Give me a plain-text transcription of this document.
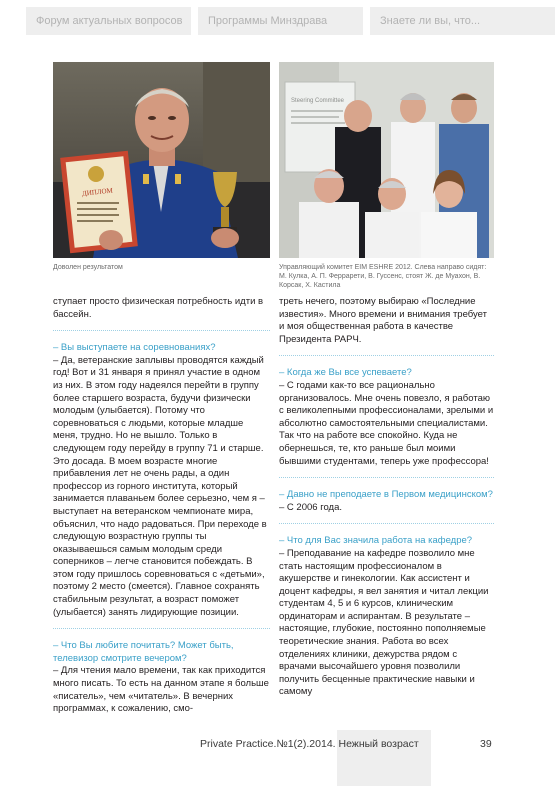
Форум актуальных вопросов	Программы Минздрава	Знаете ли вы, что...
ДИПЛОМ
Доволен результатом
Steering Committee
Управляющий комитет EIM ESHRE 2012. Слева направо сидят: М. Кулка, А. П. Феррарети, В. Гуссенс, стоят Ж. де Муахон, В. Корсак, Х. Кастила

ступает просто физическая потребность идти в бассейн.

– Вы выступаете на соревнованиях?

– Да, ветеранские заплывы проводятся каждый год! Вот и 31 января я принял участие в одном из них. В этом году надеялся перейти в группу более старшего возраста, будучи физически молодым (улыбается). Потому что соревноваться с людьми, которые младше меня, трудно. Но не вышло. Только в следующем году перейду в группу 71 и старше. Это досада. В моем возрасте многие прибавления лет не очень рады, а один профессор из горного института, который занимается плаваньем более серьезно, чем я – выступает на ветеранском чемпионате мира, объяснил, что надо радоваться. При переходе в следующую возрастную группы ты оказываешься самым молодым среди соперников – легче становится побеждать. В этом году пришлось соревноваться с «детьми», поэтому 2 место (смеется). Главное сохранять стабильным результат, а возраст поможет (улыбается) занять лидирующие позиции.

– Что Вы любите почитать? Может быть, телевизор смотрите вечером?

– Для чтения мало времени, так как приходится много писать. То есть на данном этапе я больше «писатель», чем «читатель». В вечерних программах, к сожалению, смо-

треть нечего, поэтому выбираю «Последние известия». Много времени и внимания требует и моя общественная работа в качестве Президента РАРЧ.

– Когда же Вы все успеваете?

– С годами как-то все рационально организовалось. Мне очень повезло, я работаю с великолепными профессионалами, зрелыми и абсолютно самостоятельными специалистами. Так что на работе все спокойно. Куда не обернешься, те, кто раньше был моими бывшими студентами, теперь уже профессора!

– Давно не преподаете в Первом медицинском?

– С 2006 года.

– Что для Вас значила работа на кафедре?

– Преподавание на кафедре позволило мне стать настоящим профессионалом в акушерстве и гинекологии. Как ассистент и доцент кафедры, я вел занятия и читал лекции студентам 4, 5 и 6 курсов, клиническим ординаторам и аспирантам. В результате – настоящие, глубокие, постоянно пополняемые теоретические знания. Работа во всех отделениях клиники, дежурства рядом с врачами высочайшего уровня позволили получить бесценные практические навыки и самому

Private Practice.№1(2).2014. Нежный возраст	39
